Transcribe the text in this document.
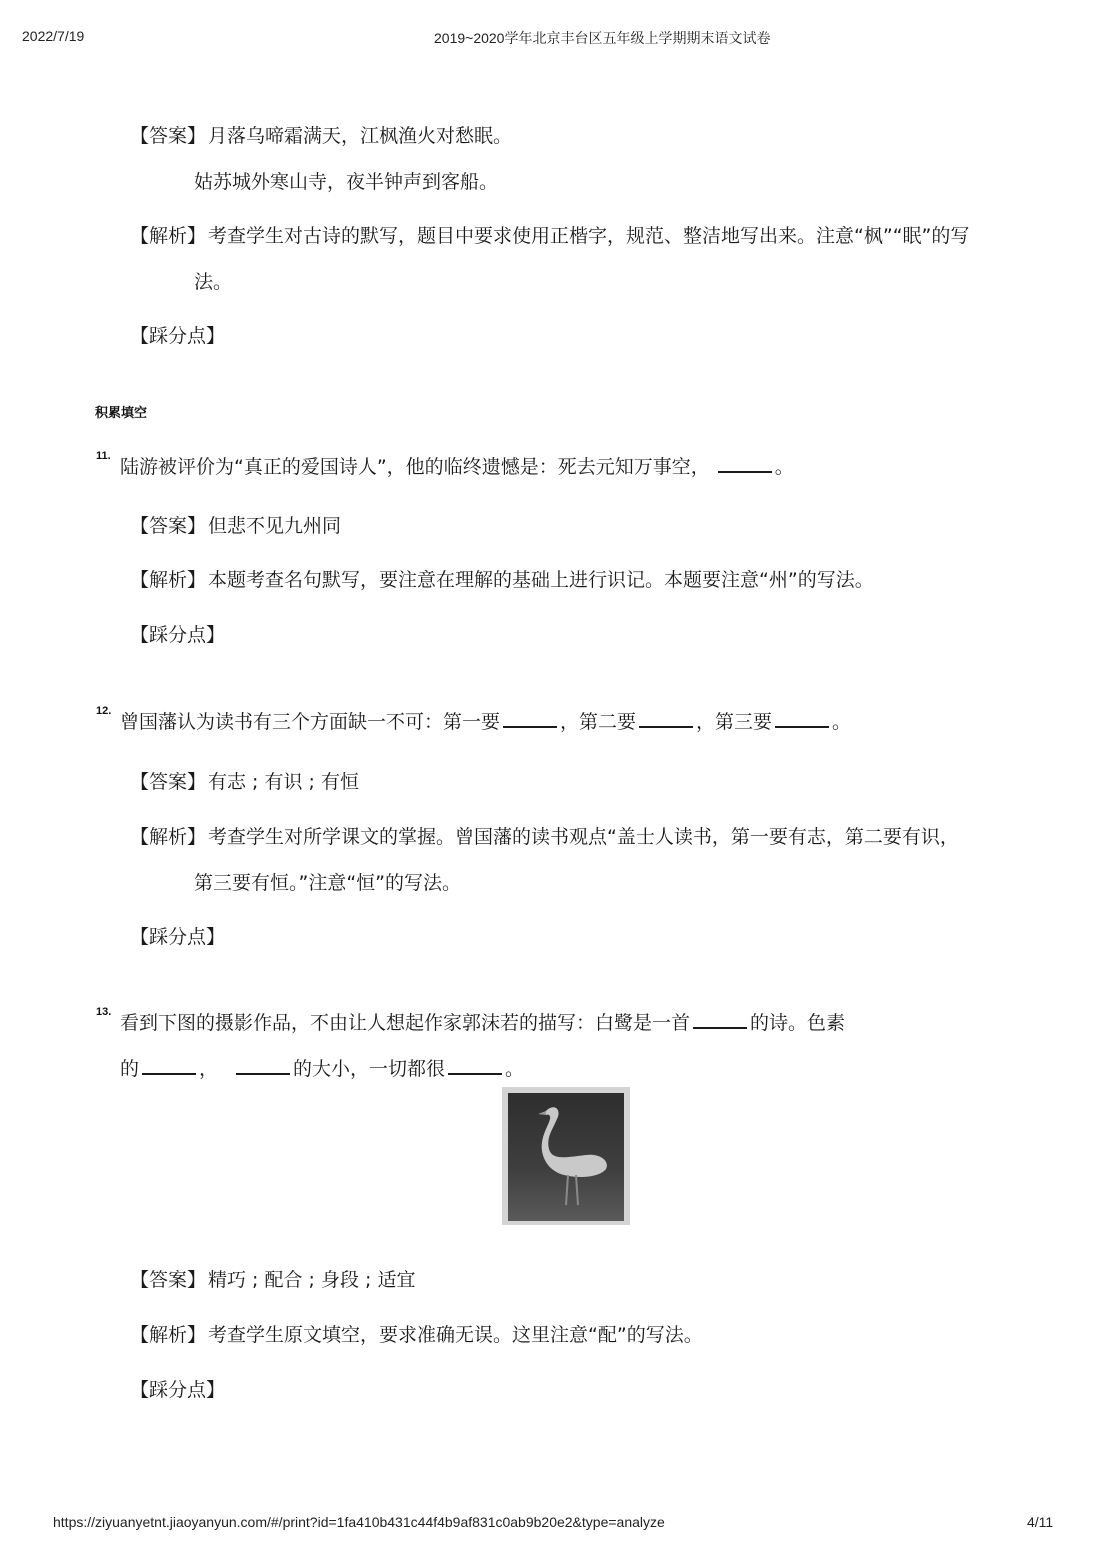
2022/7/19	2019~2020学年北京丰台区五年级上学期期末语文试卷
【答案】 月落乌啼霜满天，江枫渔火对愁眠。
姑苏城外寒山寺，夜半钟声到客船。
【解析】 考查学生对古诗的默写，题目中要求使用正楷字，规范、整洁地写出来。注意“枫”“眠”的写
法。
【踩分点】
积累填空
11. 陆游被评价为“真正的爱国诗人”，他的临终遗憾是：死去元知万事空，	。
【答案】 但悲不见九州同
【解析】 本题考查名句默写，要注意在理解的基础上进行识记。本题要注意“州”的写法。
【踩分点】
12. 曾国藩认为读书有三个方面缺一不可：第一要	，第二要	，第三要	。
【答案】 有志 ; 有识 ; 有恒
【解析】 考查学生对所学课文的掌握。曾国藩的读书观点“盖士人读书，第一要有志，第二要有识，
第三要有恒。”注意“恒”的写法。
【踩分点】
13. 看到下图的摄影作品，不由让人想起作家郭沫若的描写：白鹭是一首	的诗。色素
的	，	的大小，一切都很	。
【答案】 精巧 ; 配合 ; 身段 ; 适宜
【解析】 考查学生原文填空，要求准确无误。这里注意“配”的写法。
【踩分点】
https://ziyuanyetnt.jiaoyanyun.com/#/print?id=1fa410b431c44f4b9af831c0ab9b20e2&type=analyze	4/11
